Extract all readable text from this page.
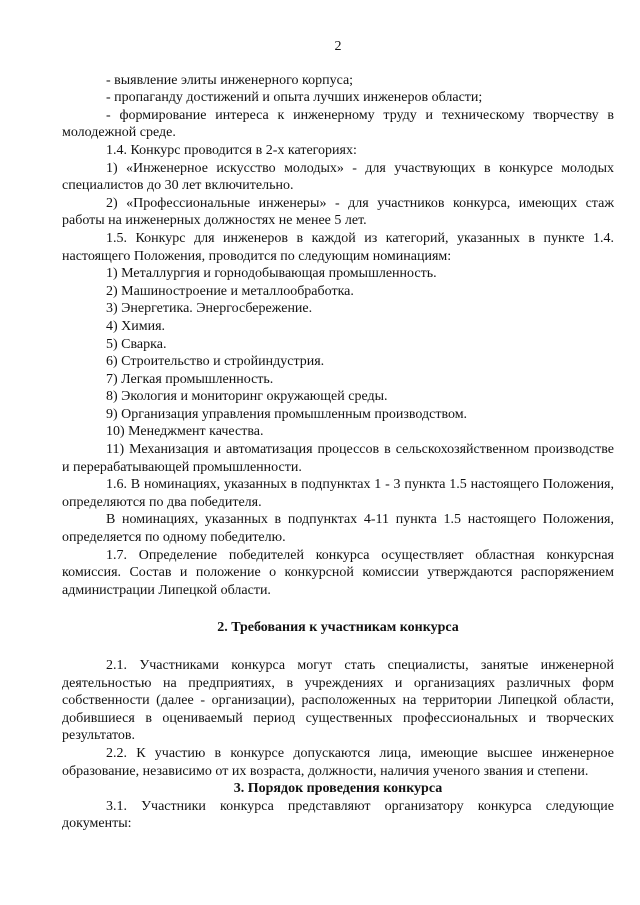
2

- выявление элиты инженерного корпуса;

- пропаганду достижений и опыта лучших инженеров области;

- формирование интереса к инженерному труду и техническому творчеству в молодежной среде.

1.4. Конкурс проводится в 2-х категориях:

1) «Инженерное искусство молодых» - для участвующих в конкурсе молодых специалистов до 30 лет включительно.

2) «Профессиональные инженеры» - для участников конкурса, имеющих стаж работы на инженерных должностях не менее 5 лет.

1.5. Конкурс для инженеров в каждой из категорий, указанных в пункте 1.4. настоящего Положения, проводится по следующим номинациям:

1) Металлургия и горнодобывающая промышленность.

2) Машиностроение и металлообработка.

3) Энергетика. Энергосбережение.

4) Химия.

5) Сварка.

6) Строительство и стройиндустрия.

7) Легкая промышленность.

8) Экология и мониторинг окружающей среды.

9) Организация управления промышленным производством.

10) Менеджмент качества.

11) Механизация и автоматизация процессов в сельскохозяйственном производстве и перерабатывающей промышленности.

1.6. В номинациях, указанных в подпунктах 1 - 3 пункта 1.5 настоящего Положения, определяются по два победителя.

В номинациях, указанных в подпунктах 4-11 пункта 1.5 настоящего Положения, определяется по одному победителю.

1.7. Определение победителей конкурса осуществляет областная конкурсная комиссия. Состав и положение о конкурсной комиссии утверждаются распоряжением администрации Липецкой области.

2. Требования к участникам конкурса

2.1. Участниками конкурса могут стать специалисты, занятые инженерной деятельностью на предприятиях, в учреждениях и организациях различных форм собственности (далее - организации), расположенных на территории Липецкой области, добившиеся в оцениваемый период существенных профессиональных и творческих результатов.

2.2. К участию в конкурсе допускаются лица, имеющие высшее инженерное образование, независимо от их возраста, должности, наличия ученого звания и степени.

3. Порядок проведения конкурса

3.1. Участники конкурса представляют организатору конкурса следующие документы:
